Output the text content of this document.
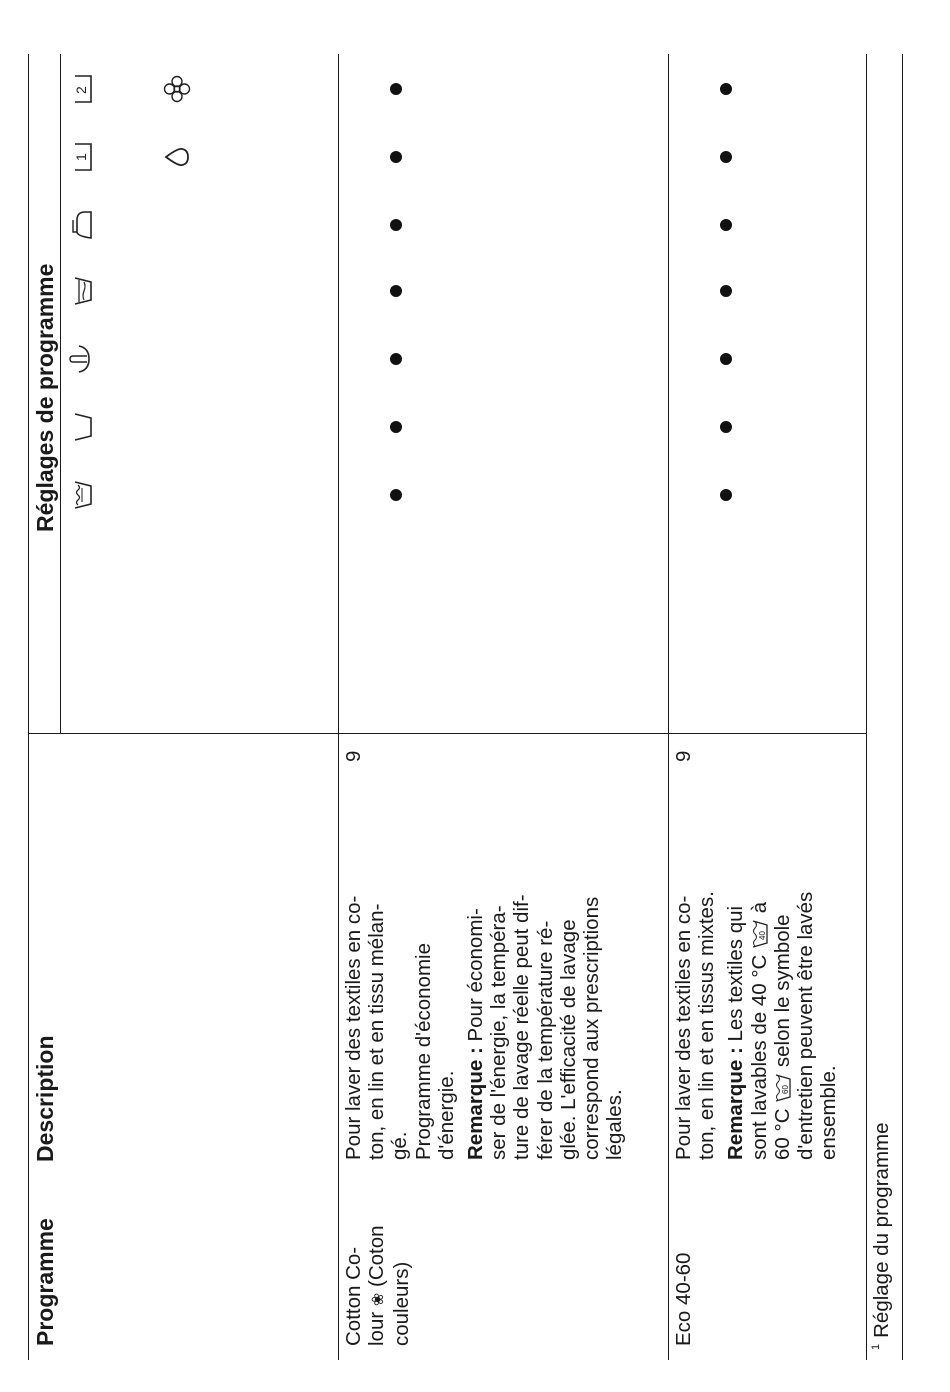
Programme
Description
Réglages de programme
1
2

Cotton Co- lour ❀ (Coton

couleurs)

Pour laver des textiles en co- ton, en lin et en tissu mélan- gé. Programme d'économie d'énergie. Remarque : Pour économi- ser de l'énergie, la tempéra- ture de lavage réelle peut dif- férer de la température ré- glée. L'efficacité de lavage correspond aux prescriptions légales.

9
Eco 40-60

Pour laver des textiles en co- ton, en lin et en tissus mixtes. Remarque : Les textiles qui sont lavables de 40 °C
40
à

60 °C
60
selon le symbole d'entretien peuvent être lavés ensemble.

9
$^1$Réglage du programme
